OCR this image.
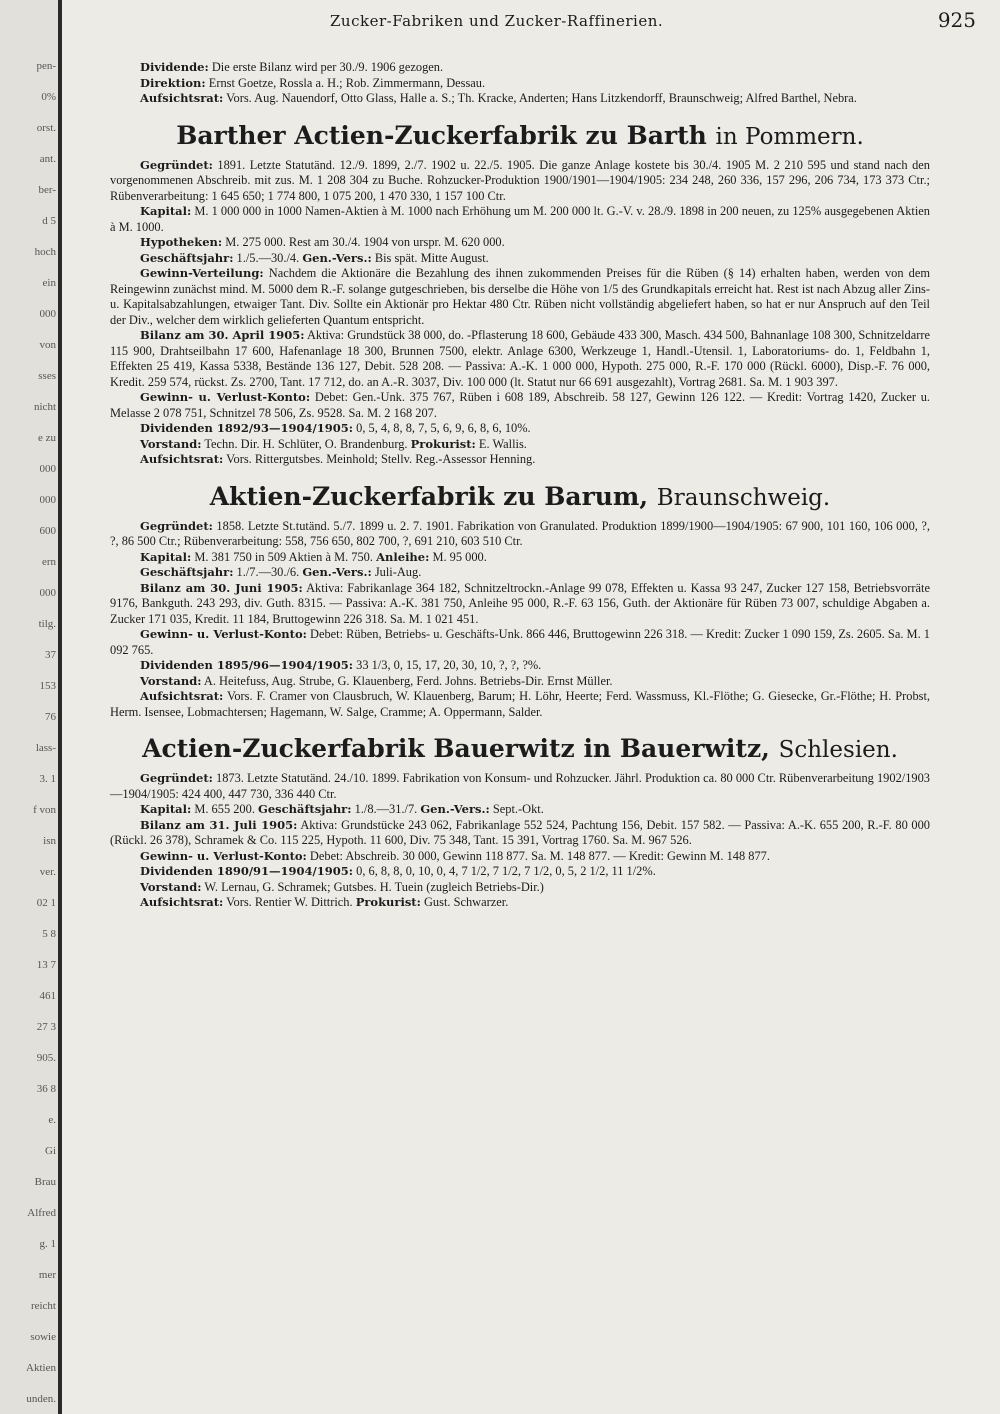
pen-
0%
orst.
ant.
ber-
d 5
hoch
ein
000
von
sses
nicht
e zu
000
000
600
ern
000
tilg.
37
153
76
lass-
3. 1
f von
isn
ver.
02 1
5 8
13 7
461
27 3
905.
36 8
e.
Gi
Brau
Alfred
g. 1
mer
reicht
sowie
Aktien
unden.
Zucker-Fabriken und Zucker-Raffinerien.	925

Dividende: Die erste Bilanz wird per 30./9. 1906 gezogen.

Direktion: Ernst Goetze, Rossla a. H.; Rob. Zimmermann, Dessau.

Aufsichtsrat: Vors. Aug. Nauendorf, Otto Glass, Halle a. S.; Th. Kracke, Anderten; Hans Litzkendorff, Braunschweig; Alfred Barthel, Nebra.

Barther Actien-Zuckerfabrik zu Barth in Pommern.

Gegründet: 1891. Letzte Statutänd. 12./9. 1899, 2./7. 1902 u. 22./5. 1905. Die ganze Anlage kostete bis 30./4. 1905 M. 2 210 595 und stand nach den vorgenommenen Abschreib. mit zus. M. 1 208 304 zu Buche. Rohzucker-Produktion 1900/1901—1904/1905: 234 248, 260 336, 157 296, 206 734, 173 373 Ctr.; Rübenverarbeitung: 1 645 650; 1 774 800, 1 075 200, 1 470 330, 1 157 100 Ctr.

Kapital: M. 1 000 000 in 1000 Namen-Aktien à M. 1000 nach Erhöhung um M. 200 000 lt. G.-V. v. 28./9. 1898 in 200 neuen, zu 125% ausgegebenen Aktien à M. 1000.

Hypotheken: M. 275 000. Rest am 30./4. 1904 von urspr. M. 620 000.

Geschäftsjahr: 1./5.—30./4. Gen.-Vers.: Bis spät. Mitte August.

Gewinn-Verteilung: Nachdem die Aktionäre die Bezahlung des ihnen zukommenden Preises für die Rüben (§ 14) erhalten haben, werden von dem Reingewinn zunächst mind. M. 5000 dem R.-F. solange gutgeschrieben, bis derselbe die Höhe von 1/5 des Grundkapitals erreicht hat. Rest ist nach Abzug aller Zins- u. Kapitalsabzahlungen, etwaiger Tant. Div. Sollte ein Aktionär pro Hektar 480 Ctr. Rüben nicht vollständig abgeliefert haben, so hat er nur Anspruch auf den Teil der Div., welcher dem wirklich gelieferten Quantum entspricht.

Bilanz am 30. April 1905: Aktiva: Grundstück 38 000, do. -Pflasterung 18 600, Gebäude 433 300, Masch. 434 500, Bahnanlage 108 300, Schnitzeldarre 115 900, Drahtseilbahn 17 600, Hafenanlage 18 300, Brunnen 7500, elektr. Anlage 6300, Werkzeuge 1, Handl.-Utensil. 1, Laboratoriums- do. 1, Feldbahn 1, Effekten 25 419, Kassa 5338, Bestände 136 127, Debit. 528 208. — Passiva: A.-K. 1 000 000, Hypoth. 275 000, R.-F. 170 000 (Rückl. 6000), Disp.-F. 76 000, Kredit. 259 574, rückst. Zs. 2700, Tant. 17 712, do. an A.-R. 3037, Div. 100 000 (lt. Statut nur 66 691 ausgezahlt), Vortrag 2681. Sa. M. 1 903 397.

Gewinn- u. Verlust-Konto: Debet: Gen.-Unk. 375 767, Rüben i 608 189, Abschreib. 58 127, Gewinn 126 122. — Kredit: Vortrag 1420, Zucker u. Melasse 2 078 751, Schnitzel 78 506, Zs. 9528. Sa. M. 2 168 207.

Dividenden 1892/93—1904/1905: 0, 5, 4, 8, 8, 7, 5, 6, 9, 6, 8, 6, 10%.

Vorstand: Techn. Dir. H. Schlüter, O. Brandenburg. Prokurist: E. Wallis.

Aufsichtsrat: Vors. Rittergutsbes. Meinhold; Stellv. Reg.-Assessor Henning.

Aktien-Zuckerfabrik zu Barum, Braunschweig.

Gegründet: 1858. Letzte St.tutänd. 5./7. 1899 u. 2. 7. 1901. Fabrikation von Granulated. Produktion 1899/1900—1904/1905: 67 900, 101 160, 106 000, ?, ?, 86 500 Ctr.; Rübenverarbeitung: 558, 756 650, 802 700, ?, 691 210, 603 510 Ctr.

Kapital: M. 381 750 in 509 Aktien à M. 750. Anleihe: M. 95 000.

Geschäftsjahr: 1./7.—30./6. Gen.-Vers.: Juli-Aug.

Bilanz am 30. Juni 1905: Aktiva: Fabrikanlage 364 182, Schnitzeltrockn.-Anlage 99 078, Effekten u. Kassa 93 247, Zucker 127 158, Betriebsvorräte 9176, Bankguth. 243 293, div. Guth. 8315. — Passiva: A.-K. 381 750, Anleihe 95 000, R.-F. 63 156, Guth. der Aktionäre für Rüben 73 007, schuldige Abgaben a. Zucker 171 035, Kredit. 11 184, Bruttogewinn 226 318. Sa. M. 1 021 451.

Gewinn- u. Verlust-Konto: Debet: Rüben, Betriebs- u. Geschäfts-Unk. 866 446, Bruttogewinn 226 318. — Kredit: Zucker 1 090 159, Zs. 2605. Sa. M. 1 092 765.

Dividenden 1895/96—1904/1905: 33 1/3, 0, 15, 17, 20, 30, 10, ?, ?, ?%.

Vorstand: A. Heitefuss, Aug. Strube, G. Klauenberg, Ferd. Johns. Betriebs-Dir. Ernst Müller.

Aufsichtsrat: Vors. F. Cramer von Clausbruch, W. Klauenberg, Barum; H. Löhr, Heerte; Ferd. Wassmuss, Kl.-Flöthe; G. Giesecke, Gr.-Flöthe; H. Probst, Herm. Isensee, Lobmachtersen; Hagemann, W. Salge, Cramme; A. Oppermann, Salder.

Actien-Zuckerfabrik Bauerwitz in Bauerwitz, Schlesien.

Gegründet: 1873. Letzte Statutänd. 24./10. 1899. Fabrikation von Konsum- und Rohzucker. Jährl. Produktion ca. 80 000 Ctr. Rübenverarbeitung 1902/1903—1904/1905: 424 400, 447 730, 336 440 Ctr.

Kapital: M. 655 200. Geschäftsjahr: 1./8.—31./7. Gen.-Vers.: Sept.-Okt.

Bilanz am 31. Juli 1905: Aktiva: Grundstücke 243 062, Fabrikanlage 552 524, Pachtung 156, Debit. 157 582. — Passiva: A.-K. 655 200, R.-F. 80 000 (Rückl. 26 378), Schramek & Co. 115 225, Hypoth. 11 600, Div. 75 348, Tant. 15 391, Vortrag 1760. Sa. M. 967 526.

Gewinn- u. Verlust-Konto: Debet: Abschreib. 30 000, Gewinn 118 877. Sa. M. 148 877. — Kredit: Gewinn M. 148 877.

Dividenden 1890/91—1904/1905: 0, 6, 8, 8, 0, 10, 0, 4, 7 1/2, 7 1/2, 7 1/2, 0, 5, 2 1/2, 11 1/2%.

Vorstand: W. Lernau, G. Schramek; Gutsbes. H. Tuein (zugleich Betriebs-Dir.)

Aufsichtsrat: Vors. Rentier W. Dittrich. Prokurist: Gust. Schwarzer.
